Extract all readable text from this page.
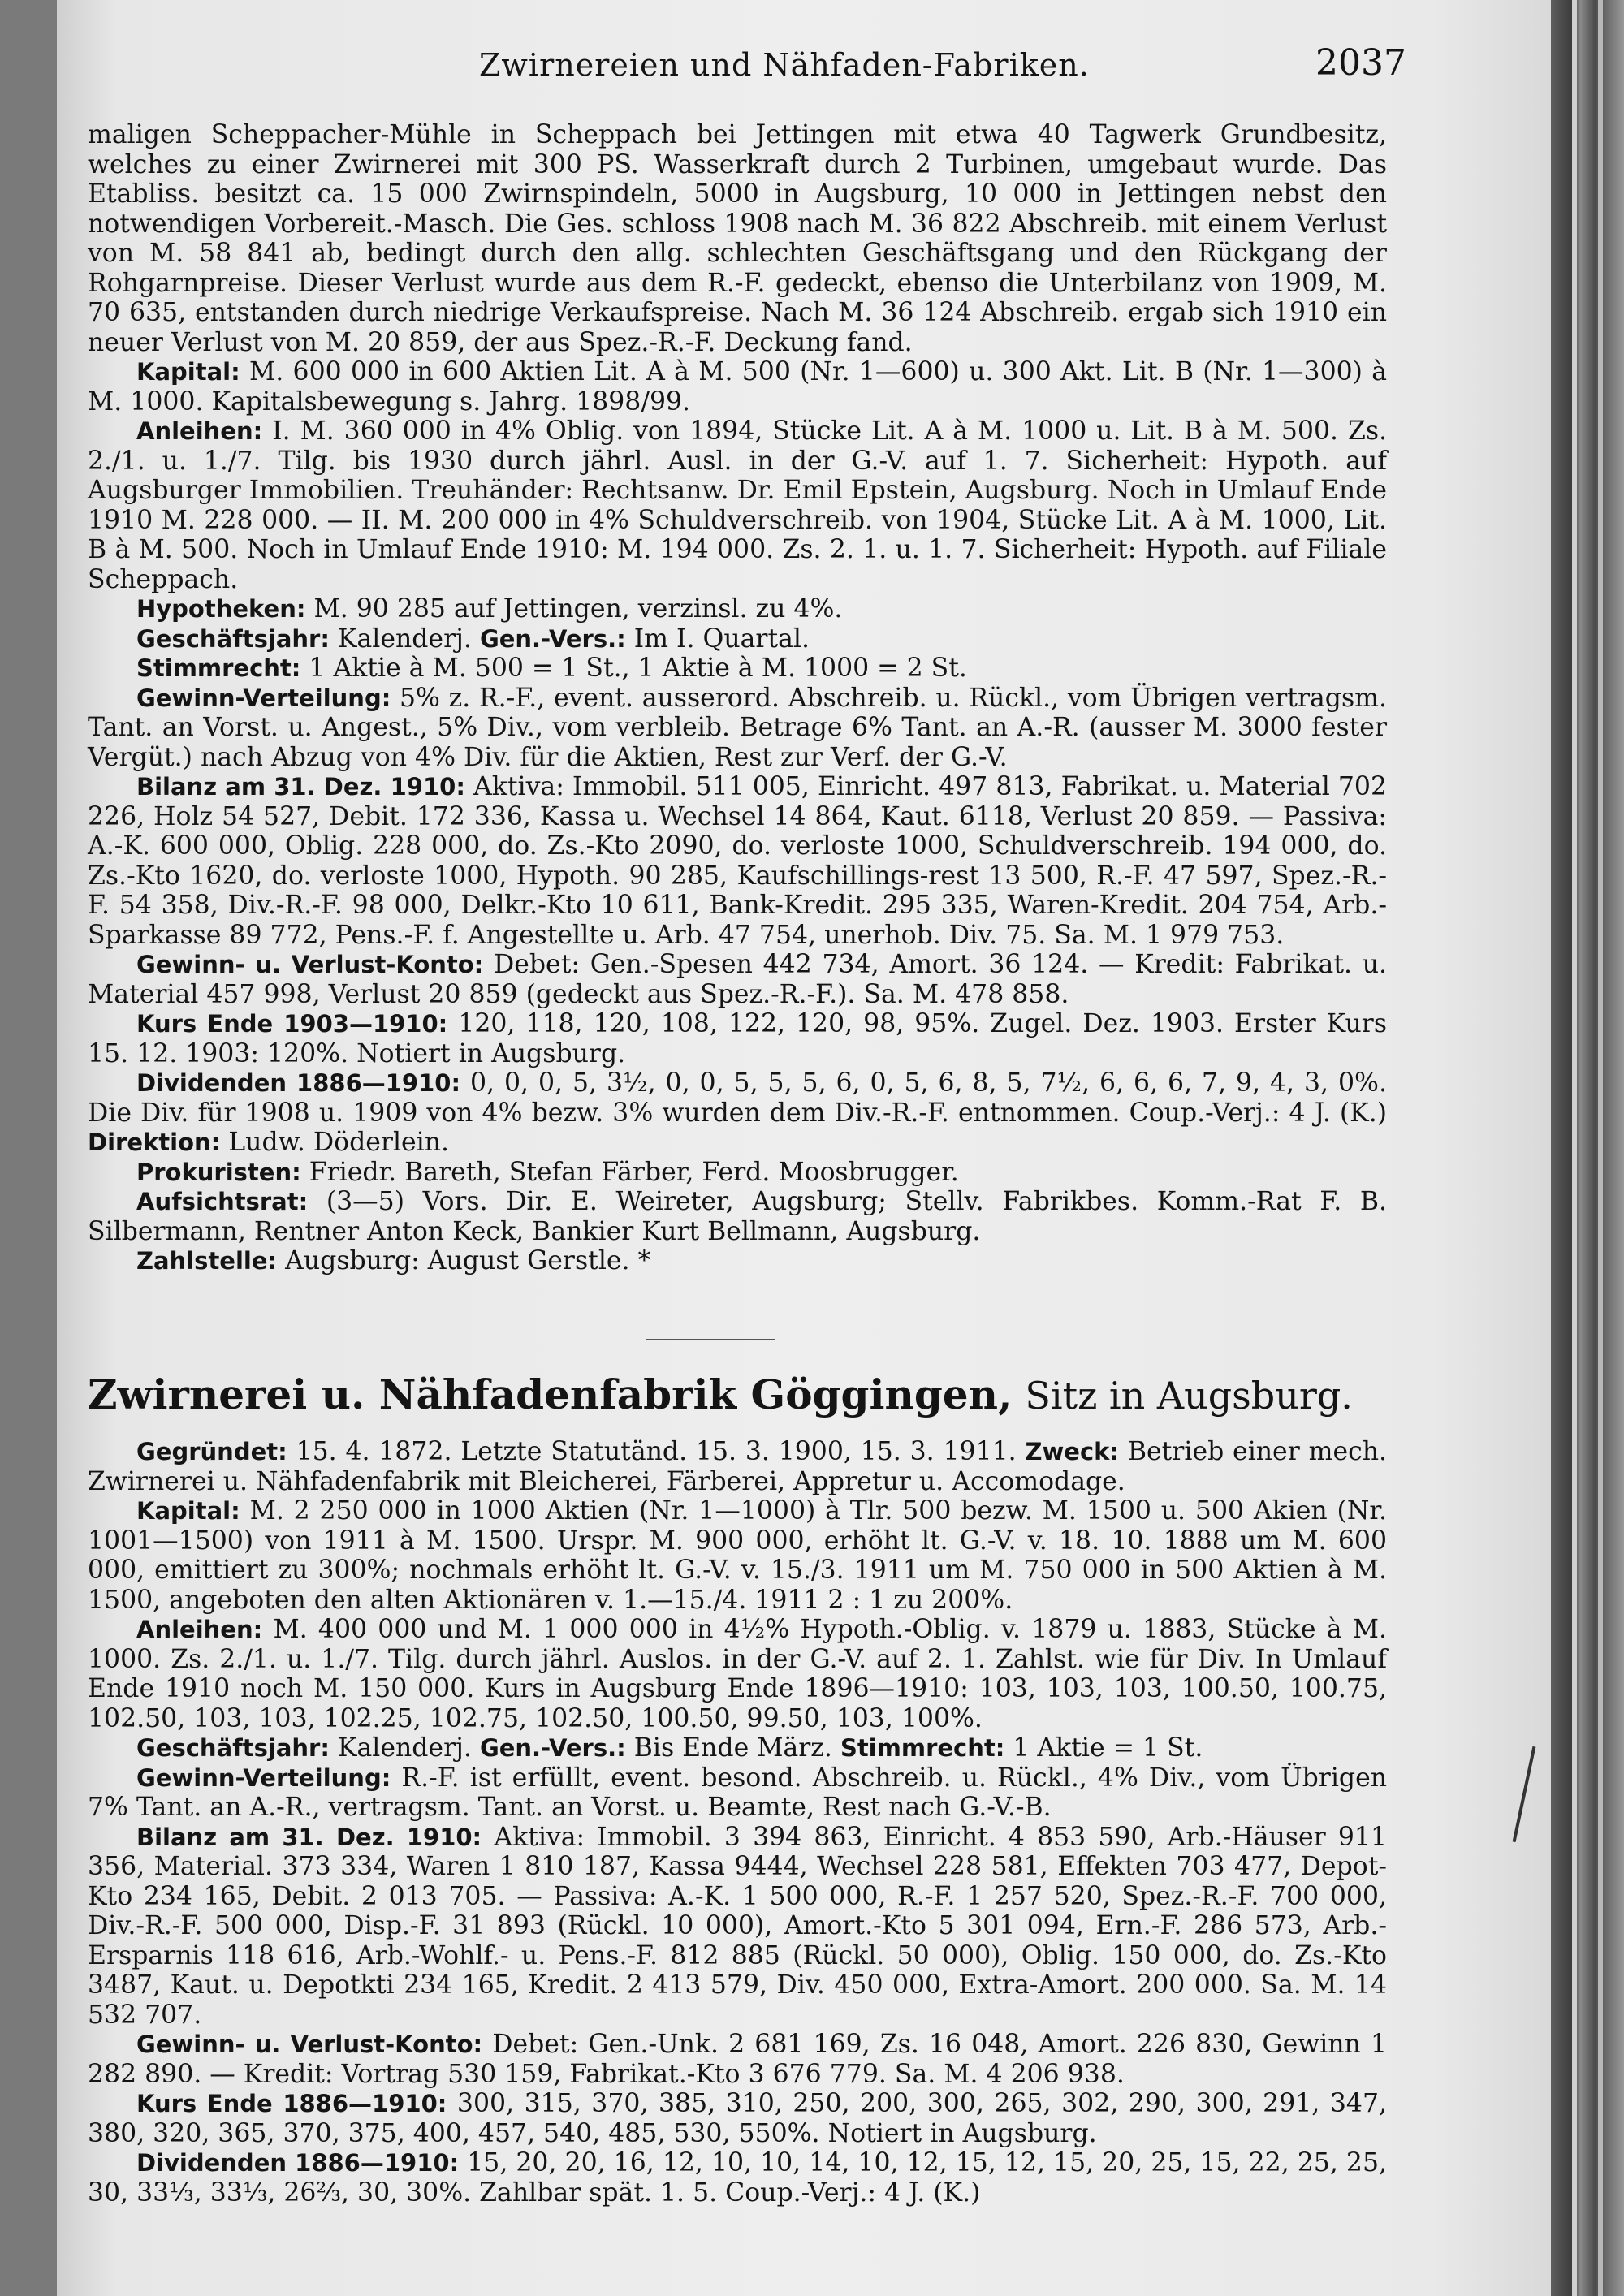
Zwirnereien und Nähfaden-Fabriken.	2037

maligen Scheppacher-Mühle in Scheppach bei Jettingen mit etwa 40 Tagwerk Grundbesitz, welches zu einer Zwirnerei mit 300 PS. Wasserkraft durch 2 Turbinen, umgebaut wurde. Das Etabliss. besitzt ca. 15 000 Zwirnspindeln, 5000 in Augsburg, 10 000 in Jettingen nebst den notwendigen Vorbereit.-Masch. Die Ges. schloss 1908 nach M. 36 822 Abschreib. mit einem Verlust von M. 58 841 ab, bedingt durch den allg. schlechten Geschäftsgang und den Rückgang der Rohgarnpreise. Dieser Verlust wurde aus dem R.-F. gedeckt, ebenso die Unterbilanz von 1909, M. 70 635, entstanden durch niedrige Verkaufspreise. Nach M. 36 124 Abschreib. ergab sich 1910 ein neuer Verlust von M. 20 859, der aus Spez.-R.-F. Deckung fand.

Kapital: M. 600 000 in 600 Aktien Lit. A à M. 500 (Nr. 1—600) u. 300 Akt. Lit. B (Nr. 1—300) à M. 1000. Kapitalsbewegung s. Jahrg. 1898/99.

Anleihen: I. M. 360 000 in 4% Oblig. von 1894, Stücke Lit. A à M. 1000 u. Lit. B à M. 500. Zs. 2./1. u. 1./7. Tilg. bis 1930 durch jährl. Ausl. in der G.-V. auf 1. 7. Sicherheit: Hypoth. auf Augsburger Immobilien. Treuhänder: Rechtsanw. Dr. Emil Epstein, Augsburg. Noch in Umlauf Ende 1910 M. 228 000. — II. M. 200 000 in 4% Schuldverschreib. von 1904, Stücke Lit. A à M. 1000, Lit. B à M. 500. Noch in Umlauf Ende 1910: M. 194 000. Zs. 2. 1. u. 1. 7. Sicherheit: Hypoth. auf Filiale Scheppach.

Hypotheken: M. 90 285 auf Jettingen, verzinsl. zu 4%.

Geschäftsjahr: Kalenderj. Gen.-Vers.: Im I. Quartal.

Stimmrecht: 1 Aktie à M. 500 = 1 St., 1 Aktie à M. 1000 = 2 St.

Gewinn-Verteilung: 5% z. R.-F., event. ausserord. Abschreib. u. Rückl., vom Übrigen vertragsm. Tant. an Vorst. u. Angest., 5% Div., vom verbleib. Betrage 6% Tant. an A.-R. (ausser M. 3000 fester Vergüt.) nach Abzug von 4% Div. für die Aktien, Rest zur Verf. der G.-V.

Bilanz am 31. Dez. 1910: Aktiva: Immobil. 511 005, Einricht. 497 813, Fabrikat. u. Material 702 226, Holz 54 527, Debit. 172 336, Kassa u. Wechsel 14 864, Kaut. 6118, Verlust 20 859. — Passiva: A.-K. 600 000, Oblig. 228 000, do. Zs.-Kto 2090, do. verloste 1000, Schuldverschreib. 194 000, do. Zs.-Kto 1620, do. verloste 1000, Hypoth. 90 285, Kaufschillings-rest 13 500, R.-F. 47 597, Spez.-R.-F. 54 358, Div.-R.-F. 98 000, Delkr.-Kto 10 611, Bank-Kredit. 295 335, Waren-Kredit. 204 754, Arb.-Sparkasse 89 772, Pens.-F. f. Angestellte u. Arb. 47 754, unerhob. Div. 75. Sa. M. 1 979 753.

Gewinn- u. Verlust-Konto: Debet: Gen.-Spesen 442 734, Amort. 36 124. — Kredit: Fabrikat. u. Material 457 998, Verlust 20 859 (gedeckt aus Spez.-R.-F.). Sa. M. 478 858.

Kurs Ende 1903—1910: 120, 118, 120, 108, 122, 120, 98, 95%. Zugel. Dez. 1903. Erster Kurs 15. 12. 1903: 120%. Notiert in Augsburg.

Dividenden 1886—1910: 0, 0, 0, 5, 3½, 0, 0, 5, 5, 5, 6, 0, 5, 6, 8, 5, 7½, 6, 6, 6, 7, 9, 4, 3, 0%. Die Div. für 1908 u. 1909 von 4% bezw. 3% wurden dem Div.-R.-F. entnommen. Coup.-Verj.: 4 J. (K.) Direktion: Ludw. Döderlein.

Prokuristen: Friedr. Bareth, Stefan Färber, Ferd. Moosbrugger.

Aufsichtsrat: (3—5) Vors. Dir. E. Weireter, Augsburg; Stellv. Fabrikbes. Komm.-Rat F. B. Silbermann, Rentner Anton Keck, Bankier Kurt Bellmann, Augsburg.

Zahlstelle: Augsburg: August Gerstle. *

Zwirnerei u. Nähfadenfabrik Göggingen, Sitz in Augsburg.

Gegründet: 15. 4. 1872. Letzte Statutänd. 15. 3. 1900, 15. 3. 1911. Zweck: Betrieb einer mech. Zwirnerei u. Nähfadenfabrik mit Bleicherei, Färberei, Appretur u. Accomodage.

Kapital: M. 2 250 000 in 1000 Aktien (Nr. 1—1000) à Tlr. 500 bezw. M. 1500 u. 500 Akien (Nr. 1001—1500) von 1911 à M. 1500. Urspr. M. 900 000, erhöht lt. G.-V. v. 18. 10. 1888 um M. 600 000, emittiert zu 300%; nochmals erhöht lt. G.-V. v. 15./3. 1911 um M. 750 000 in 500 Aktien à M. 1500, angeboten den alten Aktionären v. 1.—15./4. 1911 2 : 1 zu 200%.

Anleihen: M. 400 000 und M. 1 000 000 in 4½% Hypoth.-Oblig. v. 1879 u. 1883, Stücke à M. 1000. Zs. 2./1. u. 1./7. Tilg. durch jährl. Auslos. in der G.-V. auf 2. 1. Zahlst. wie für Div. In Umlauf Ende 1910 noch M. 150 000. Kurs in Augsburg Ende 1896—1910: 103, 103, 103, 100.50, 100.75, 102.50, 103, 103, 102.25, 102.75, 102.50, 100.50, 99.50, 103, 100%.

Geschäftsjahr: Kalenderj. Gen.-Vers.: Bis Ende März. Stimmrecht: 1 Aktie = 1 St.

Gewinn-Verteilung: R.-F. ist erfüllt, event. besond. Abschreib. u. Rückl., 4% Div., vom Übrigen 7% Tant. an A.-R., vertragsm. Tant. an Vorst. u. Beamte, Rest nach G.-V.-B.

Bilanz am 31. Dez. 1910: Aktiva: Immobil. 3 394 863, Einricht. 4 853 590, Arb.-Häuser 911 356, Material. 373 334, Waren 1 810 187, Kassa 9444, Wechsel 228 581, Effekten 703 477, Depot-Kto 234 165, Debit. 2 013 705. — Passiva: A.-K. 1 500 000, R.-F. 1 257 520, Spez.-R.-F. 700 000, Div.-R.-F. 500 000, Disp.-F. 31 893 (Rückl. 10 000), Amort.-Kto 5 301 094, Ern.-F. 286 573, Arb.-Ersparnis 118 616, Arb.-Wohlf.- u. Pens.-F. 812 885 (Rückl. 50 000), Oblig. 150 000, do. Zs.-Kto 3487, Kaut. u. Depotkti 234 165, Kredit. 2 413 579, Div. 450 000, Extra-Amort. 200 000. Sa. M. 14 532 707.

Gewinn- u. Verlust-Konto: Debet: Gen.-Unk. 2 681 169, Zs. 16 048, Amort. 226 830, Gewinn 1 282 890. — Kredit: Vortrag 530 159, Fabrikat.-Kto 3 676 779. Sa. M. 4 206 938.

Kurs Ende 1886—1910: 300, 315, 370, 385, 310, 250, 200, 300, 265, 302, 290, 300, 291, 347, 380, 320, 365, 370, 375, 400, 457, 540, 485, 530, 550%. Notiert in Augsburg.

Dividenden 1886—1910: 15, 20, 20, 16, 12, 10, 10, 14, 10, 12, 15, 12, 15, 20, 25, 15, 22, 25, 25, 30, 33⅓, 33⅓, 26⅔, 30, 30%. Zahlbar spät. 1. 5. Coup.-Verj.: 4 J. (K.)
